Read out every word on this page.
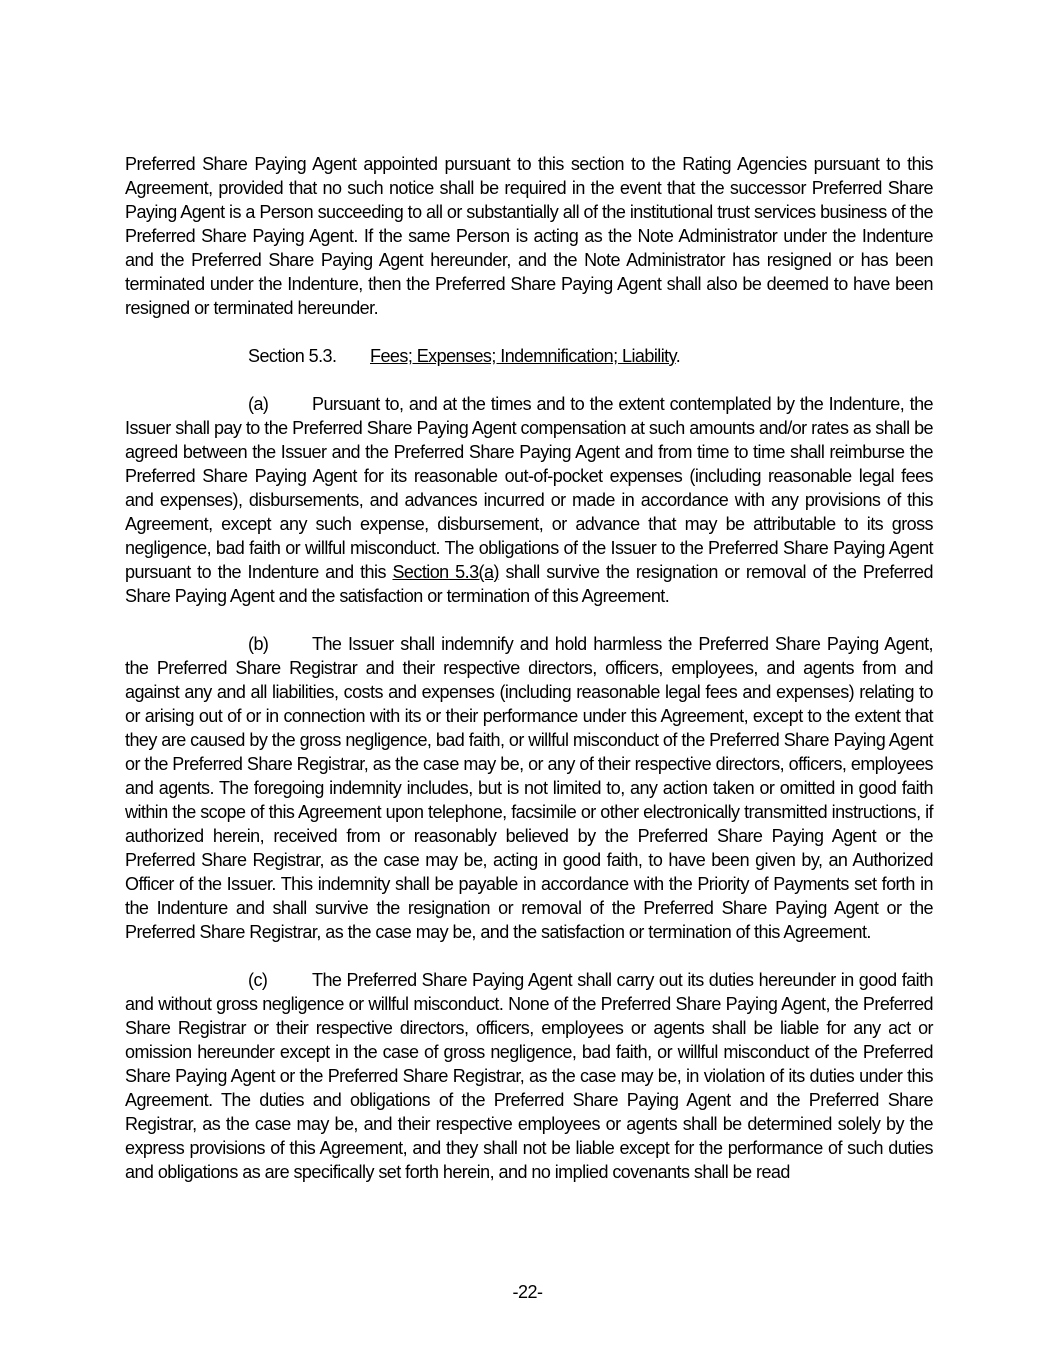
Preferred Share Paying Agent appointed pursuant to this section to the Rating Agencies pursuant to this Agreement, provided that no such notice shall be required in the event that the successor Preferred Share Paying Agent is a Person succeeding to all or substantially all of the institutional trust services business of the Preferred Share Paying Agent. If the same Person is acting as the Note Administrator under the Indenture and the Preferred Share Paying Agent hereunder, and the Note Administrator has resigned or has been terminated under the Indenture, then the Preferred Share Paying Agent shall also be deemed to have been resigned or terminated hereunder.

Section 5.3. Fees; Expenses; Indemnification; Liability.

(a) Pursuant to, and at the times and to the extent contemplated by the Indenture, the Issuer shall pay to the Preferred Share Paying Agent compensation at such amounts and/or rates as shall be agreed between the Issuer and the Preferred Share Paying Agent and from time to time shall reimburse the Preferred Share Paying Agent for its reasonable out-of-pocket expenses (including reasonable legal fees and expenses), disbursements, and advances incurred or made in accordance with any provisions of this Agreement, except any such expense, disbursement, or advance that may be attributable to its gross negligence, bad faith or willful misconduct. The obligations of the Issuer to the Preferred Share Paying Agent pursuant to the Indenture and this Section 5.3(a) shall survive the resignation or removal of the Preferred Share Paying Agent and the satisfaction or termination of this Agreement.

(b) The Issuer shall indemnify and hold harmless the Preferred Share Paying Agent, the Preferred Share Registrar and their respective directors, officers, employees, and agents from and against any and all liabilities, costs and expenses (including reasonable legal fees and expenses) relating to or arising out of or in connection with its or their performance under this Agreement, except to the extent that they are caused by the gross negligence, bad faith, or willful misconduct of the Preferred Share Paying Agent or the Preferred Share Registrar, as the case may be, or any of their respective directors, officers, employees and agents. The foregoing indemnity includes, but is not limited to, any action taken or omitted in good faith within the scope of this Agreement upon telephone, facsimile or other electronically transmitted instructions, if authorized herein, received from or reasonably believed by the Preferred Share Paying Agent or the Preferred Share Registrar, as the case may be, acting in good faith, to have been given by, an Authorized Officer of the Issuer. This indemnity shall be payable in accordance with the Priority of Payments set forth in the Indenture and shall survive the resignation or removal of the Preferred Share Paying Agent or the Preferred Share Registrar, as the case may be, and the satisfaction or termination of this Agreement.

(c) The Preferred Share Paying Agent shall carry out its duties hereunder in good faith and without gross negligence or willful misconduct. None of the Preferred Share Paying Agent, the Preferred Share Registrar or their respective directors, officers, employees or agents shall be liable for any act or omission hereunder except in the case of gross negligence, bad faith, or willful misconduct of the Preferred Share Paying Agent or the Preferred Share Registrar, as the case may be, in violation of its duties under this Agreement. The duties and obligations of the Preferred Share Paying Agent and the Preferred Share Registrar, as the case may be, and their respective employees or agents shall be determined solely by the express provisions of this Agreement, and they shall not be liable except for the performance of such duties and obligations as are specifically set forth herein, and no implied covenants shall be read

-22-
